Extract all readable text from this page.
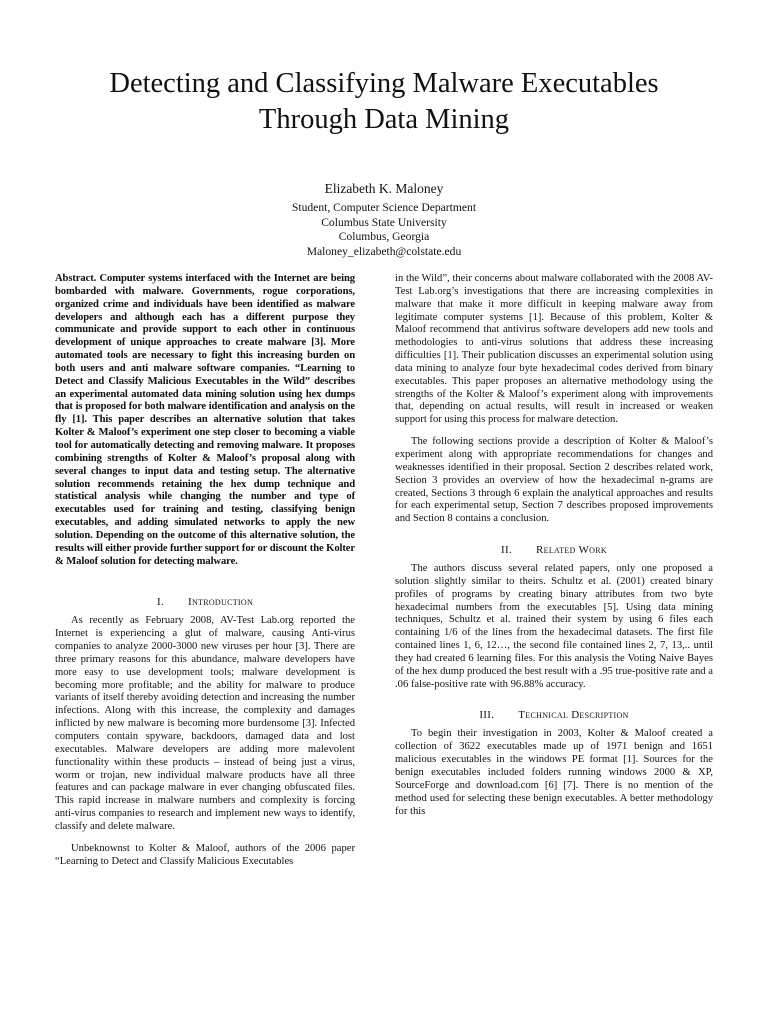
Detecting and Classifying Malware Executables
Through Data Mining
Elizabeth K. Maloney
Student, Computer Science Department
Columbus State University
Columbus, Georgia
Maloney_elizabeth@colstate.edu

Abstract. Computer systems interfaced with the Internet are being bombarded with malware. Governments, rogue corporations, organized crime and individuals have been identified as malware developers and although each has a different purpose they communicate and provide support to each other in continuous development of unique approaches to create malware [3]. More automated tools are necessary to fight this increasing burden on both users and anti malware software companies. “Learning to Detect and Classify Malicious Executables in the Wild” describes an experimental automated data mining solution using hex dumps that is proposed for both malware identification and analysis on the fly [1]. This paper describes an alternative solution that takes Kolter & Maloof’s experiment one step closer to becoming a viable tool for automatically detecting and removing malware. It proposes combining strengths of Kolter & Maloof’s proposal along with several changes to input data and testing setup. The alternative solution recommends retaining the hex dump technique and statistical analysis while changing the number and type of executables used for training and testing, classifying benign executables, and adding simulated networks to apply the new solution. Depending on the outcome of this alternative solution, the results will either provide further support for or discount the Kolter & Maloof solution for detecting malware.

I. Introduction

As recently as February 2008, AV-Test Lab.org reported the Internet is experiencing a glut of malware, causing Anti-virus companies to analyze 2000-3000 new viruses per hour [3]. There are three primary reasons for this abundance, malware developers have more easy to use development tools; malware development is becoming more profitable; and the ability for malware to produce variants of itself thereby avoiding detection and increasing the number infections. Along with this increase, the complexity and damages inflicted by new malware is becoming more burdensome [3]. Infected computers contain spyware, backdoors, damaged data and lost executables. Malware developers are adding more malevolent functionality within these products – instead of being just a virus, worm or trojan, new individual malware products have all three features and can package malware in ever changing obfuscated files. This rapid increase in malware numbers and complexity is forcing anti-virus companies to research and implement new ways to identify, classify and delete malware.

Unbeknownst to Kolter & Maloof, authors of the 2006 paper “Learning to Detect and Classify Malicious Executables

in the Wild”, their concerns about malware collaborated with the 2008 AV-Test Lab.org’s investigations that there are increasing complexities in malware that make it more difficult in keeping malware away from legitimate computer systems [1]. Because of this problem, Kolter & Maloof recommend that antivirus software developers add new tools and methodologies to anti-virus solutions that address these increasing difficulties [1]. Their publication discusses an experimental solution using data mining to analyze four byte hexadecimal codes derived from binary executables. This paper proposes an alternative methodology using the strengths of the Kolter & Maloof’s experiment along with improvements that, depending on actual results, will result in increased or weaken support for using this process for malware detection.

The following sections provide a description of Kolter & Maloof’s experiment along with appropriate recommendations for changes and weaknesses identified in their proposal. Section 2 describes related work, Section 3 provides an overview of how the hexadecimal n-grams are created, Sections 3 through 6 explain the analytical approaches and results for each experimental setup, Section 7 describes proposed improvements and Section 8 contains a conclusion.

II. Related Work

The authors discuss several related papers, only one proposed a solution slightly similar to theirs. Schultz et al. (2001) created binary profiles of programs by creating binary attributes from two byte hexadecimal numbers from the executables [5]. Using data mining techniques, Schultz et al. trained their system by using 6 files each containing 1/6 of the lines from the hexadecimal datasets. The first file contained lines 1, 6, 12…, the second file contained lines 2, 7, 13,.. until they had created 6 learning files. For this analysis the Voting Naive Bayes of the hex dump produced the best result with a .95 true-positive rate and a .06 false-positive rate with 96.88% accuracy.

III. Technical Description

To begin their investigation in 2003, Kolter & Maloof created a collection of 3622 executables made up of 1971 benign and 1651 malicious executables in the windows PE format [1]. Sources for the benign executables included folders running windows 2000 & XP, SourceForge and download.com [6] [7]. There is no mention of the method used for selecting these benign executables. A better methodology for this
